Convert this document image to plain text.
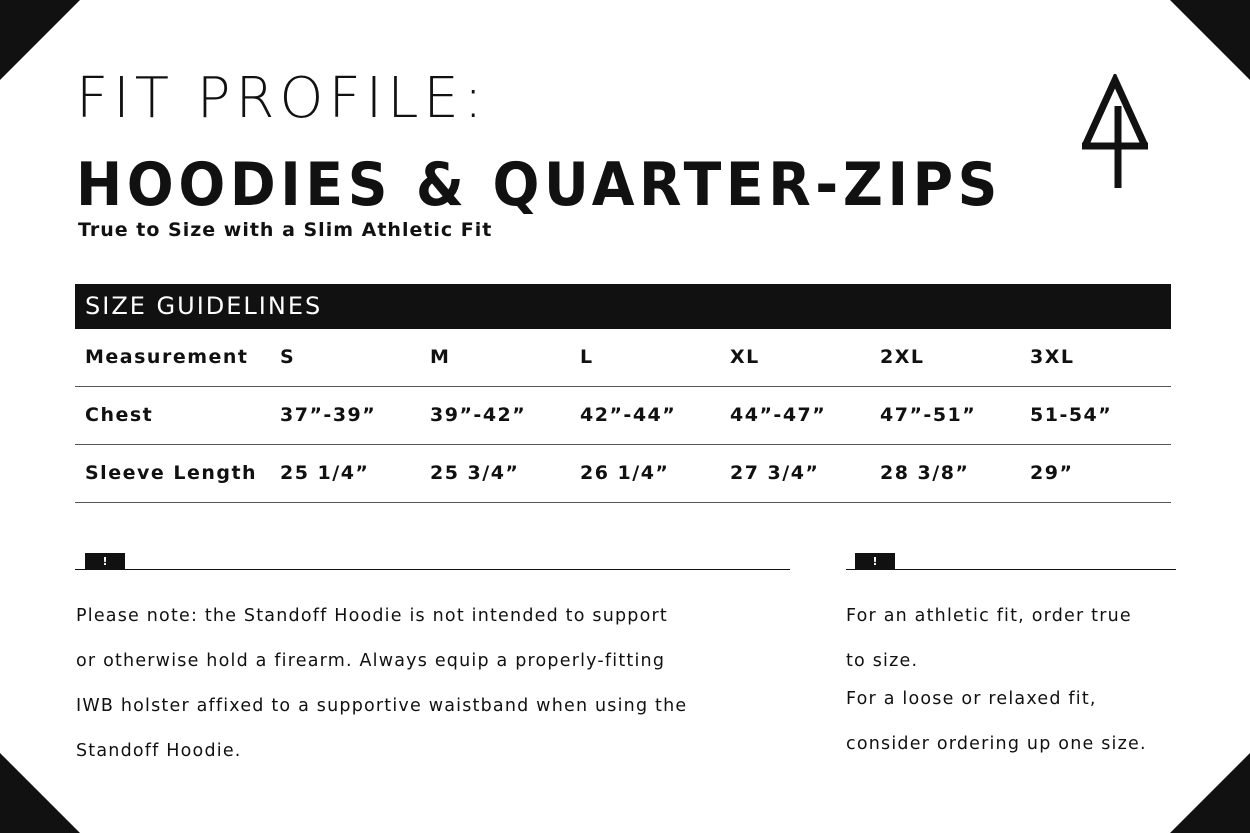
FIT PROFILE:
HOODIES & QUARTER-ZIPS
True to Size with a Slim Athletic Fit
SIZE GUIDELINES
Measurement S	M	L	XL	2XL	3XL
Chest	37”-39”	39”-42”	42”-44”	44”-47”	47”-51”	51-54”
Sleeve Length 25 1/4”	25 3/4”	26 1/4”	27 3/4”	28 3/8”	29”
!

Please note: the Standoff Hoodie is not intended to support

or otherwise hold a firearm. Always equip a properly-fitting

IWB holster affixed to a supportive waistband when using the

Standoff Hoodie.

!

For an athletic fit, order true

to size.

For a loose or relaxed fit,

consider ordering up one size.
